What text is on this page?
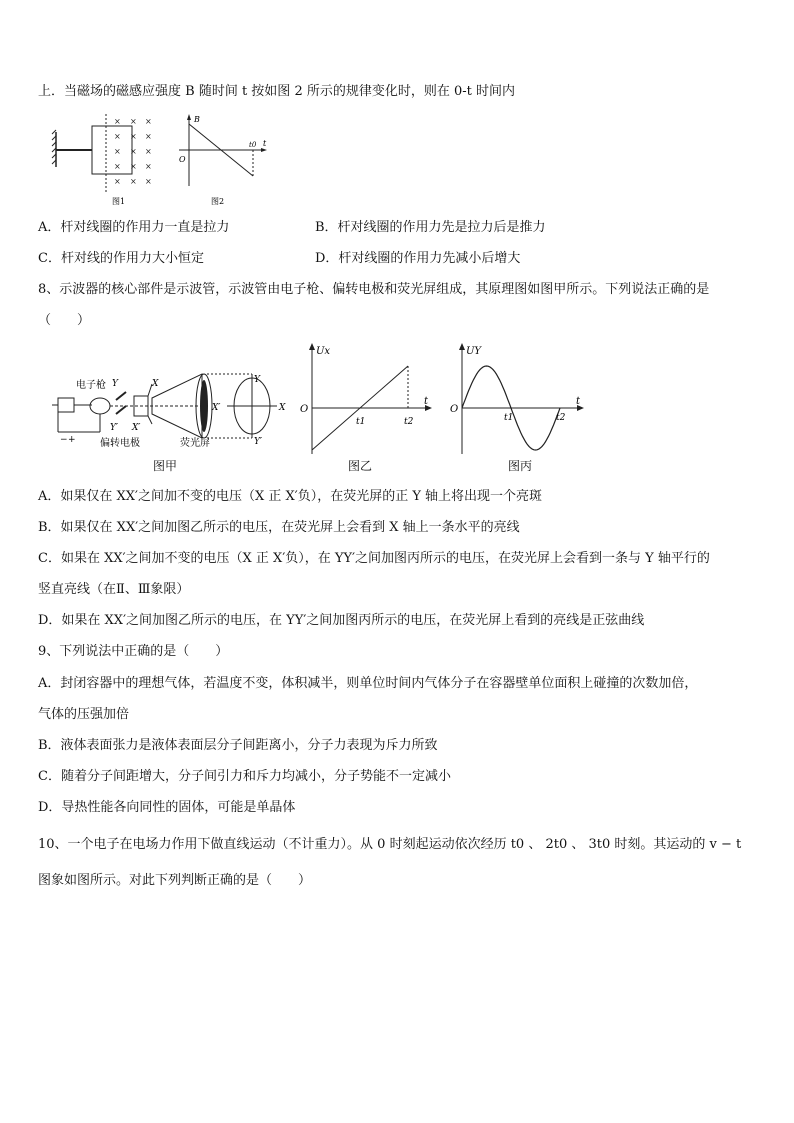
上．当磁场的磁感应强度 B 随时间 t 按如图 2 所示的规律变化时，则在 0-t 时间内
× × ×
× × ×
× × ×
× × ×
× × ×
图1
B
O
t0 t
图2
A．杆对线圈的作用力一直是拉力	B．杆对线圈的作用力先是拉力后是推力
C．杆对线的作用力大小恒定	D．杆对线圈的作用力先减小后增大
8、示波器的核心部件是示波管，示波管由电子枪、偏转电极和荧光屏组成，其原理图如图甲所示。下列说法正确的是
（　　）
Y	X
Y′ X′
X′	X
Y
Y′
电子枪
偏转电极	荧光屏
− +
图甲
Ux
O
t1	t2
t
图乙
UY
O
t1	t2
t
图丙
A．如果仅在 XX′之间加不变的电压（X 正 X′负），在荧光屏的正 Y 轴上将出现一个亮斑
B．如果仅在 XX′之间加图乙所示的电压，在荧光屏上会看到 X 轴上一条水平的亮线
C．如果在 XX′之间加不变的电压（X 正 X′负），在 YY′之间加图丙所示的电压，在荧光屏上会看到一条与 Y 轴平行的
竖直亮线（在Ⅱ、Ⅲ象限）
D．如果在 XX′之间加图乙所示的电压，在 YY′之间加图丙所示的电压，在荧光屏上看到的亮线是正弦曲线
9、下列说法中正确的是（　　）
A．封闭容器中的理想气体，若温度不变，体积减半，则单位时间内气体分子在容器壁单位面积上碰撞的次数加倍，
气体的压强加倍
B．液体表面张力是液体表面层分子间距离小，分子力表现为斥力所致
C．随着分子间距增大，分子间引力和斥力均减小，分子势能不一定减小
D．导热性能各向同性的固体，可能是单晶体
10、一个电子在电场力作用下做直线运动（不计重力）。从 0 时刻起运动依次经历 t0 、 2t0 、 3t0 时刻。其运动的 v − t
图象如图所示。对此下列判断正确的是（　　）
